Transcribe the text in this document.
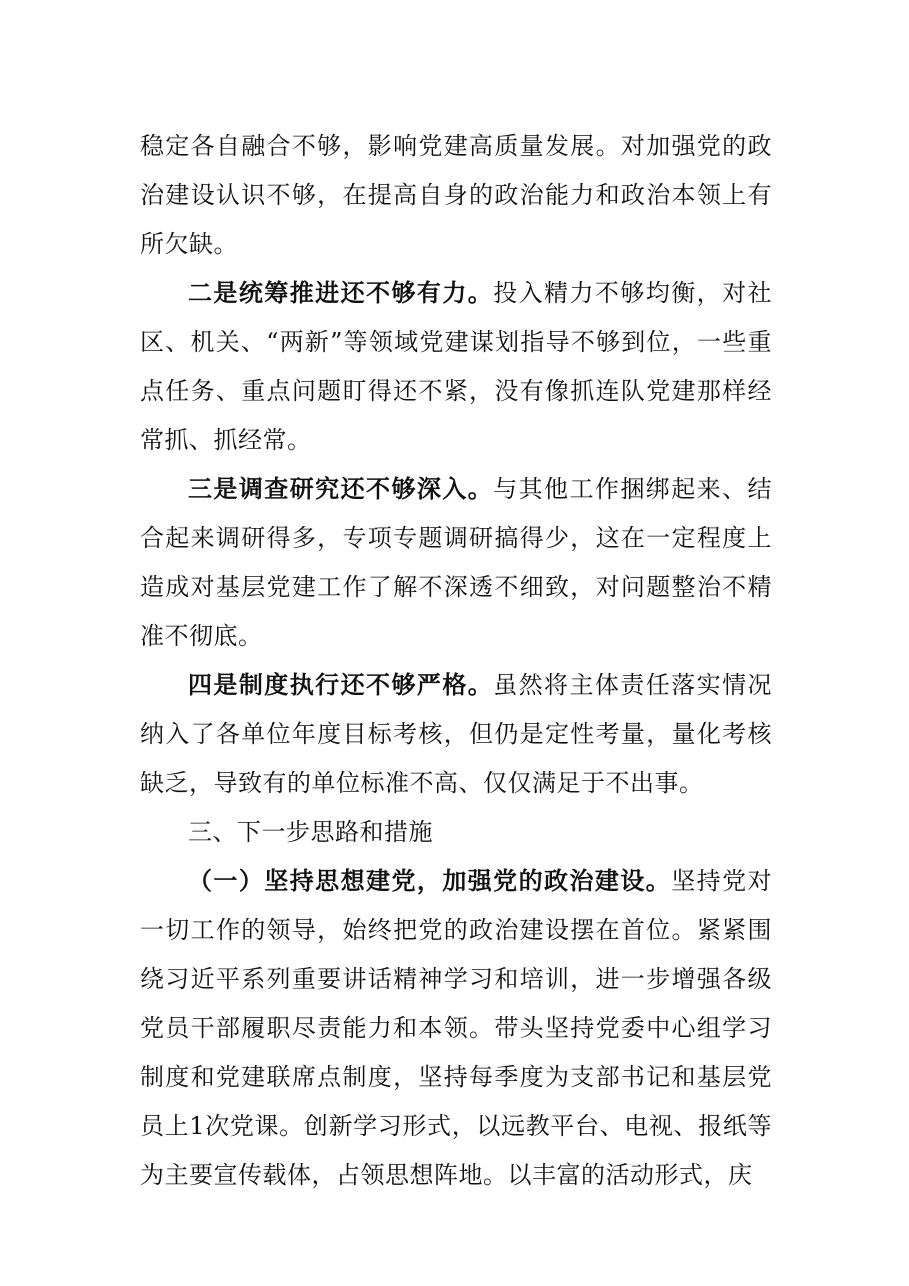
稳定各自融合不够，影响党建高质量发展。对加强党的政治建设认识不够，在提高自身的政治能力和政治本领上有所欠缺。

二是统筹推进还不够有力。投入精力不够均衡，对社区、机关、“两新”等领域党建谋划指导不够到位，一些重点任务、重点问题盯得还不紧，没有像抓连队党建那样经常抓、抓经常。

三是调查研究还不够深入。与其他工作捆绑起来、结合起来调研得多，专项专题调研搞得少，这在一定程度上造成对基层党建工作了解不深透不细致，对问题整治不精准不彻底。

四是制度执行还不够严格。虽然将主体责任落实情况纳入了各单位年度目标考核，但仍是定性考量，量化考核缺乏，导致有的单位标准不高、仅仅满足于不出事。

三、下一步思路和措施

（一）坚持思想建党，加强党的政治建设。坚持党对一切工作的领导，始终把党的政治建设摆在首位。紧紧围绕习近平系列重要讲话精神学习和培训，进一步增强各级党员干部履职尽责能力和本领。带头坚持党委中心组学习制度和党建联席点制度，坚持每季度为支部书记和基层党员上1次党课。创新学习形式，以远教平台、电视、报纸等为主要宣传载体，占领思想阵地。以丰富的活动形式，庆
